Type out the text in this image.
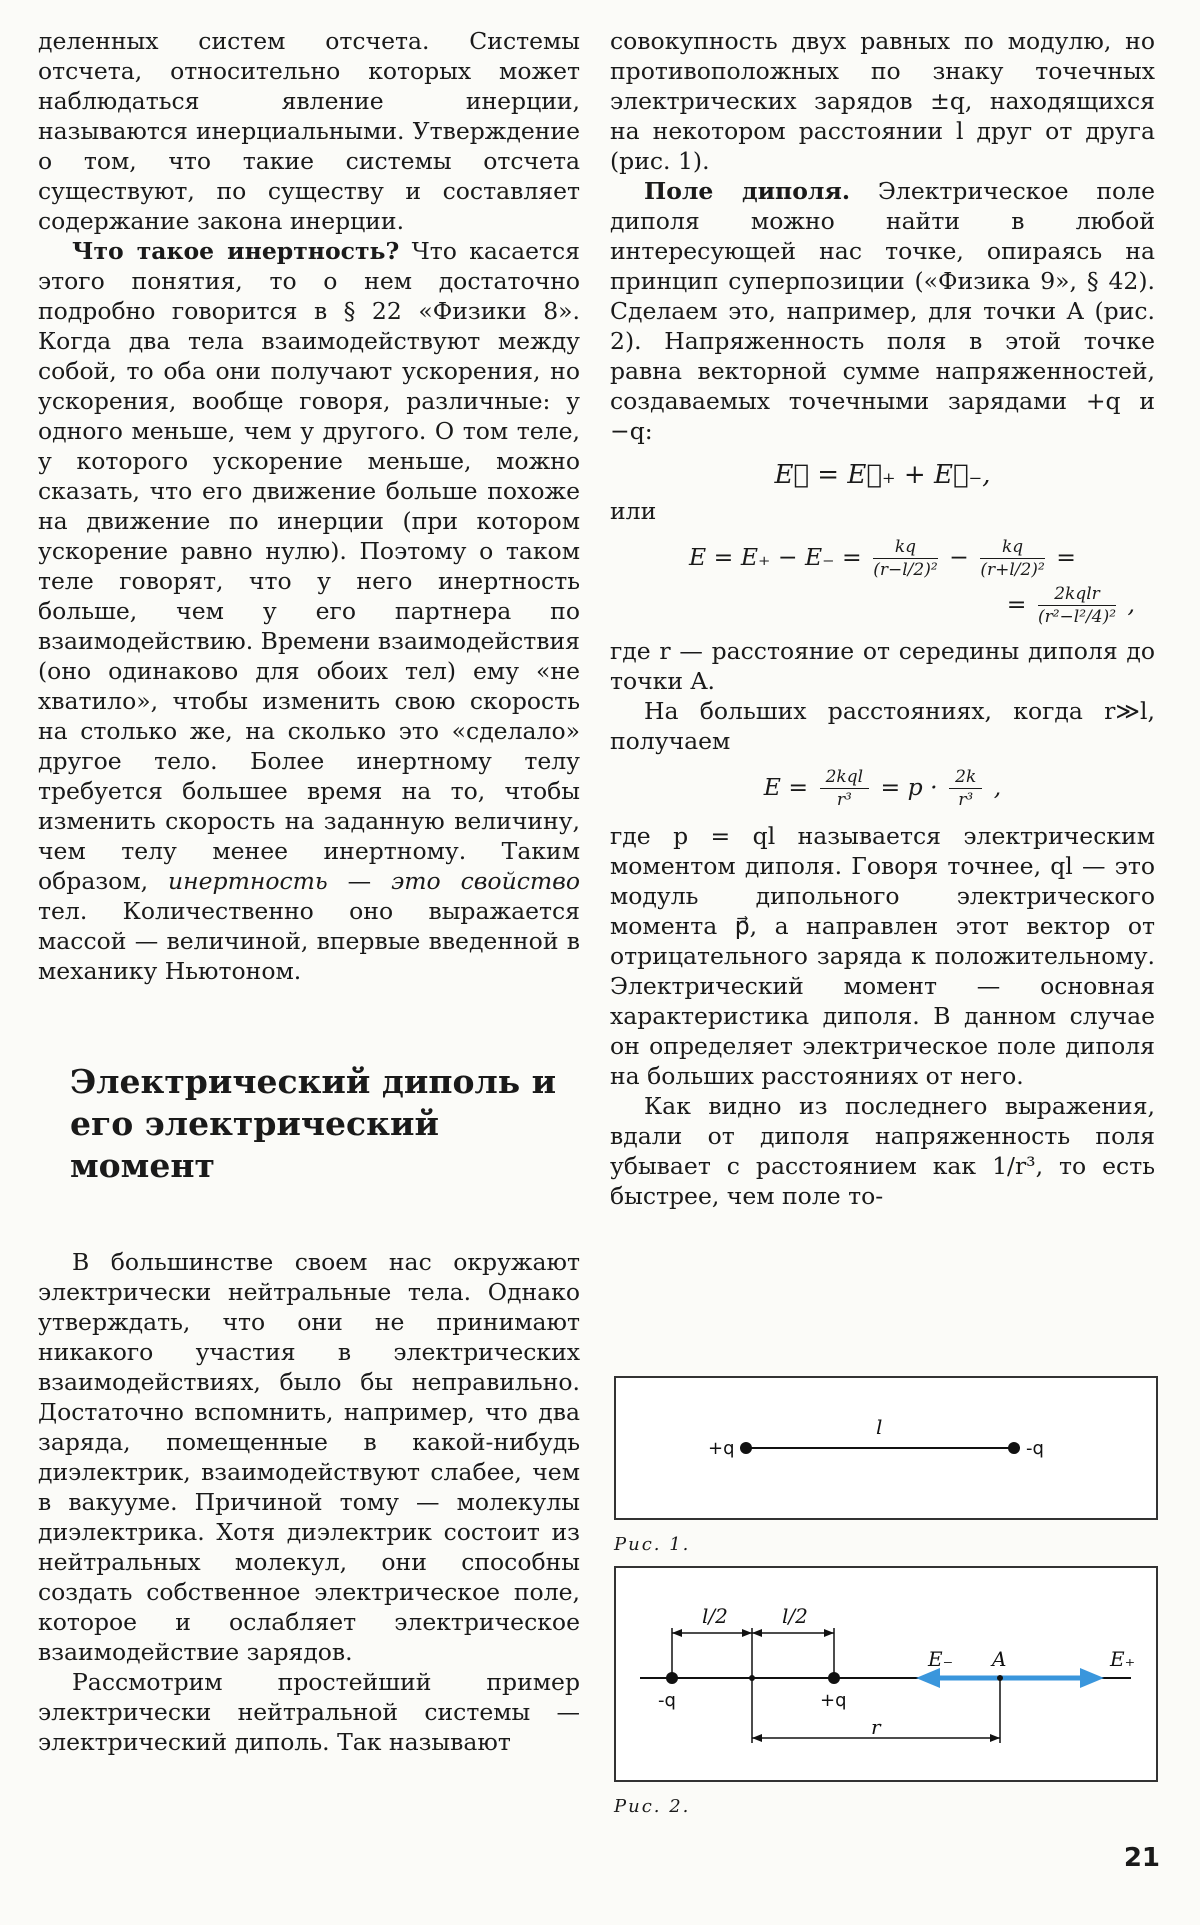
деленных систем отсчета. Системы отсчета, относительно которых может наблюдаться явление инерции, называются инерциальными. Утверждение о том, что такие системы отсчета существуют, по существу и составляет содержание закона инерции.

Что такое инертность? Что касается этого понятия, то о нем достаточно подробно говорится в § 22 «Физики 8». Когда два тела взаимодействуют между собой, то оба они получают ускорения, но ускорения, вообще говоря, различные: у одного меньше, чем у другого. О том теле, у которого ускорение меньше, можно сказать, что его движение больше похоже на движение по инерции (при котором ускорение равно нулю). Поэтому о таком теле говорят, что у него инертность больше, чем у его партнера по взаимодействию. Времени взаимодействия (оно одинаково для обоих тел) ему «не хватило», чтобы изменить свою скорость на столько же, на сколько это «сделало» другое тело. Более инертному телу требуется большее время на то, чтобы изменить скорость на заданную величину, чем телу менее инертному. Таким образом, инертность — это свойство тел. Количественно оно выражается массой — величиной, впервые введенной в механику Ньютоном.

Электрический диполь и его электрический момент

В большинстве своем нас окружают электрически нейтральные тела. Однако утверждать, что они не принимают никакого участия в электрических взаимодействиях, было бы неправильно. Достаточно вспомнить, например, что два заряда, помещенные в какой-нибудь диэлектрик, взаимодействуют слабее, чем в вакууме. Причиной тому — молекулы диэлектрика. Хотя диэлектрик состоит из нейтральных молекул, они способны создать собственное электрическое поле, которое и ослабляет электрическое взаимодействие зарядов.

Рассмотрим простейший пример электрически нейтральной системы — электрический диполь. Так называют

совокупность двух равных по модулю, но противоположных по знаку точечных электрических зарядов ±q, находящихся на некотором расстоянии l друг от друга (рис. 1).

Поле диполя. Электрическое поле диполя можно найти в любой интересующей нас точке, опираясь на принцип суперпозиции («Физика 9», § 42). Сделаем это, например, для точки A (рис. 2). Напряженность поля в этой точке равна векторной сумме напряженностей, создаваемых точечными зарядами +q и −q:

E⃗ = E⃗₊ + E⃗₋,

или

$E = E_+ - E_- = \frac{kq}{\text{(r−l/2)²}} - \frac{kq}{\text{(r+l/2)²}}$ =
= $\frac{\text{2kqlr}}{\text{(r²−l²/4)²}}$ ,

где r — расстояние от середины диполя до точки A.

На больших расстояниях, когда r≫l, получаем

$E = \frac{\text{2kql}}{\text{r³}} = p \cdot \frac{2k}{\text{r³}}$ ,

где p = ql называется электрическим моментом диполя. Говоря точнее, ql — это модуль дипольного электрического момента p⃗, а направлен этот вектор от отрицательного заряда к положительному. Электрический момент — основная характеристика диполя. В данном случае он определяет электрическое поле диполя на больших расстояниях от него.

Как видно из последнего выражения, вдали от диполя напряженность поля убывает с расстоянием как 1/r³, то есть быстрее, чем поле то-

+q	-q
l
Рис. 1.
l/2	l/2
-q	+q
E₋ A	E₊
r
Рис. 2.
21
